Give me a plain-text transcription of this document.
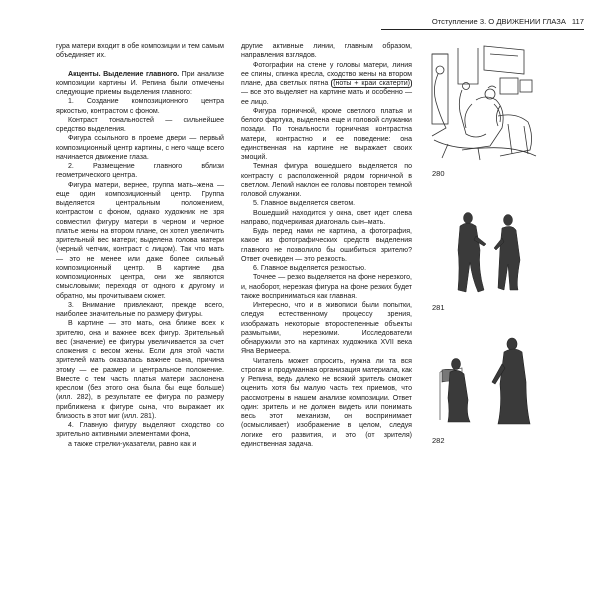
Отступление 3. О ДВИЖЕНИИ ГЛАЗА 117

гура матери входит в обе композиции и тем самым объединяет их.

Акценты. Выделение главного. При анализе композиции картины И. Репина были отмечены следующие приемы выделения главного:

1. Создание композиционного центра яркостью, контрастом с фоном.

Контраст тональностей — сильнейшее средство выделения.

Фигура ссыльного в проеме двери — первый композиционный центр картины, с него чаще всего начинается движение глаза.

2. Размещение главного вблизи геометрического центра.

Фигура матери, вернее, группа мать–жена — еще один композиционный центр. Группа выделяется центральным положением, контрастом с фоном, однако художник не зря совместил фигуру матери в черном и черное платье жены на втором плане, он хотел увеличить зрительный вес матери; выделена голова матери (черный чепчик, контраст с лицом). Так что мать — это не менее или даже более сильный композиционный центр. В картине два композиционных центра, они же являются смысловыми; переходя от одного к другому и обратно, мы прочитываем сюжет.

3. Внимание привлекают, прежде всего, наиболее значительные по размеру фигуры.

В картине — это мать, она ближе всех к зрителю, она и важнее всех фигур. Зрительный вес (значение) ее фигуры увеличивается за счет сложения с весом жены. Если для этой части зрителей мать оказалась важнее сына, причина этому — ее размер и центральное положение. Вместе с тем часть платья матери заслонена креслом (без этого она была бы еще больше) (илл. 282), в результате ее фигура по размеру приближена к фигуре сына, что выражает их близость в этот миг (илл. 281).

4. Главную фигуру выделяют сходство со зрительно активными элементами фона,

а также стрелки-указатели, равно как и

другие активные линии, главным образом, направления взглядов.

Фотографии на стене у головы матери, линия ее спины, спинка кресла, сходство жены на втором плане, два светлых пятна (ноты + краи скатерти) — все это выделяет на картине мать и особенно — ее лицо.

Фигура горничной, кроме светлого платья и белого фартука, выделена еще и головой служанки позади. По тональности горничная контрастна матери, контрастно и ее поведение: она единственная на картине не выражает своих эмоций.

Темная фигура вошедшего выделяется по контрасту с расположенной рядом горничной в светлом. Легкий наклон ее головы повторен темной головой служанки.

5. Главное выделяется светом.

Вошедший находится у окна, свет идет слева направо, подчеркивая диагональ сын–мать.

Будь перед нами не картина, а фотография, какое из фотографических средств выделения главного не позволило бы ошибиться зрителю? Ответ очевиден — это резкость.

6. Главное выделяется резкостью.

Точнее — резко выделяется на фоне нерезкого, и, наоборот, нерезкая фигура на фоне резких будет также восприниматься как главная.

Интересно, что и в живописи были попытки, следуя естественному процессу зрения, изображать некоторые второстепенные объекты размытыми, нерезкими. Исследователи обнаружили это на картинах художника XVII века Яна Вермеера.

Читатель может спросить, нужна ли та вся строгая и продуманная организация материала, как у Репина, ведь далеко не всякий зритель сможет оценить хотя бы малую часть тех приемов, что рассмотрены в нашем анализе композиции. Ответ один: зритель и не должен видеть или понимать весь этот механизм, он воспринимает (осмысливает) изображение в целом, следуя логике его развития, и это (от зрителя) единственная задача.

280
281
282
